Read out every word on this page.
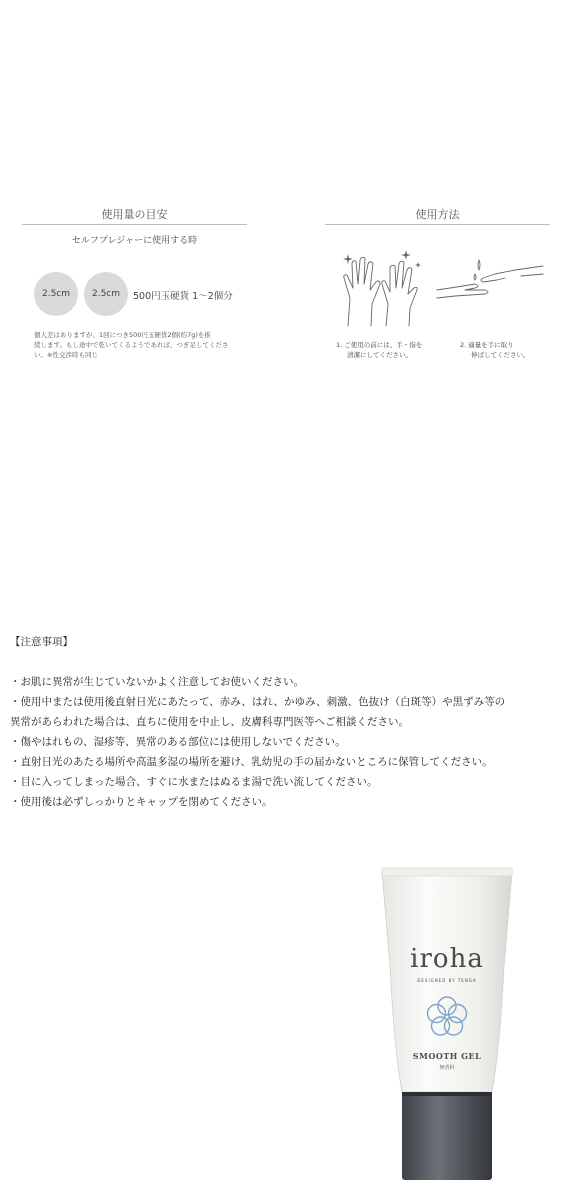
使用量の目安
セルフプレジャーに使用する時
2.5cm 2.5cm 500円玉硬貨 1〜2個分
個人差はありますが、1回につき500円玉硬貨2個(約7g)を推
奨します。もし途中で乾いてくるようであれば、つぎ足してくださ
い。※性交渉時も同じ
使用方法
1. ご使用の前には、手・指を
清潔にしてください。
2. 適量を手に取り
伸ばしてください。
【注意事項】
・お肌に異常が生じていないかよく注意してお使いください。
・使用中または使用後直射日光にあたって、赤み、はれ、かゆみ、刺激、色抜け（白斑等）や黒ずみ等の
異常があらわれた場合は、直ちに使用を中止し、皮膚科専門医等へご相談ください。
・傷やはれもの、湿疹等、異常のある部位には使用しないでください。
・直射日光のあたる場所や高温多湿の場所を避け、乳幼児の手の届かないところに保管してください。
・目に入ってしまった場合、すぐに水またはぬるま湯で洗い流してください。
・使用後は必ずしっかりとキャップを閉めてください。
iroha
DESIGNED BY TENGA
SMOOTH GEL
無香料
